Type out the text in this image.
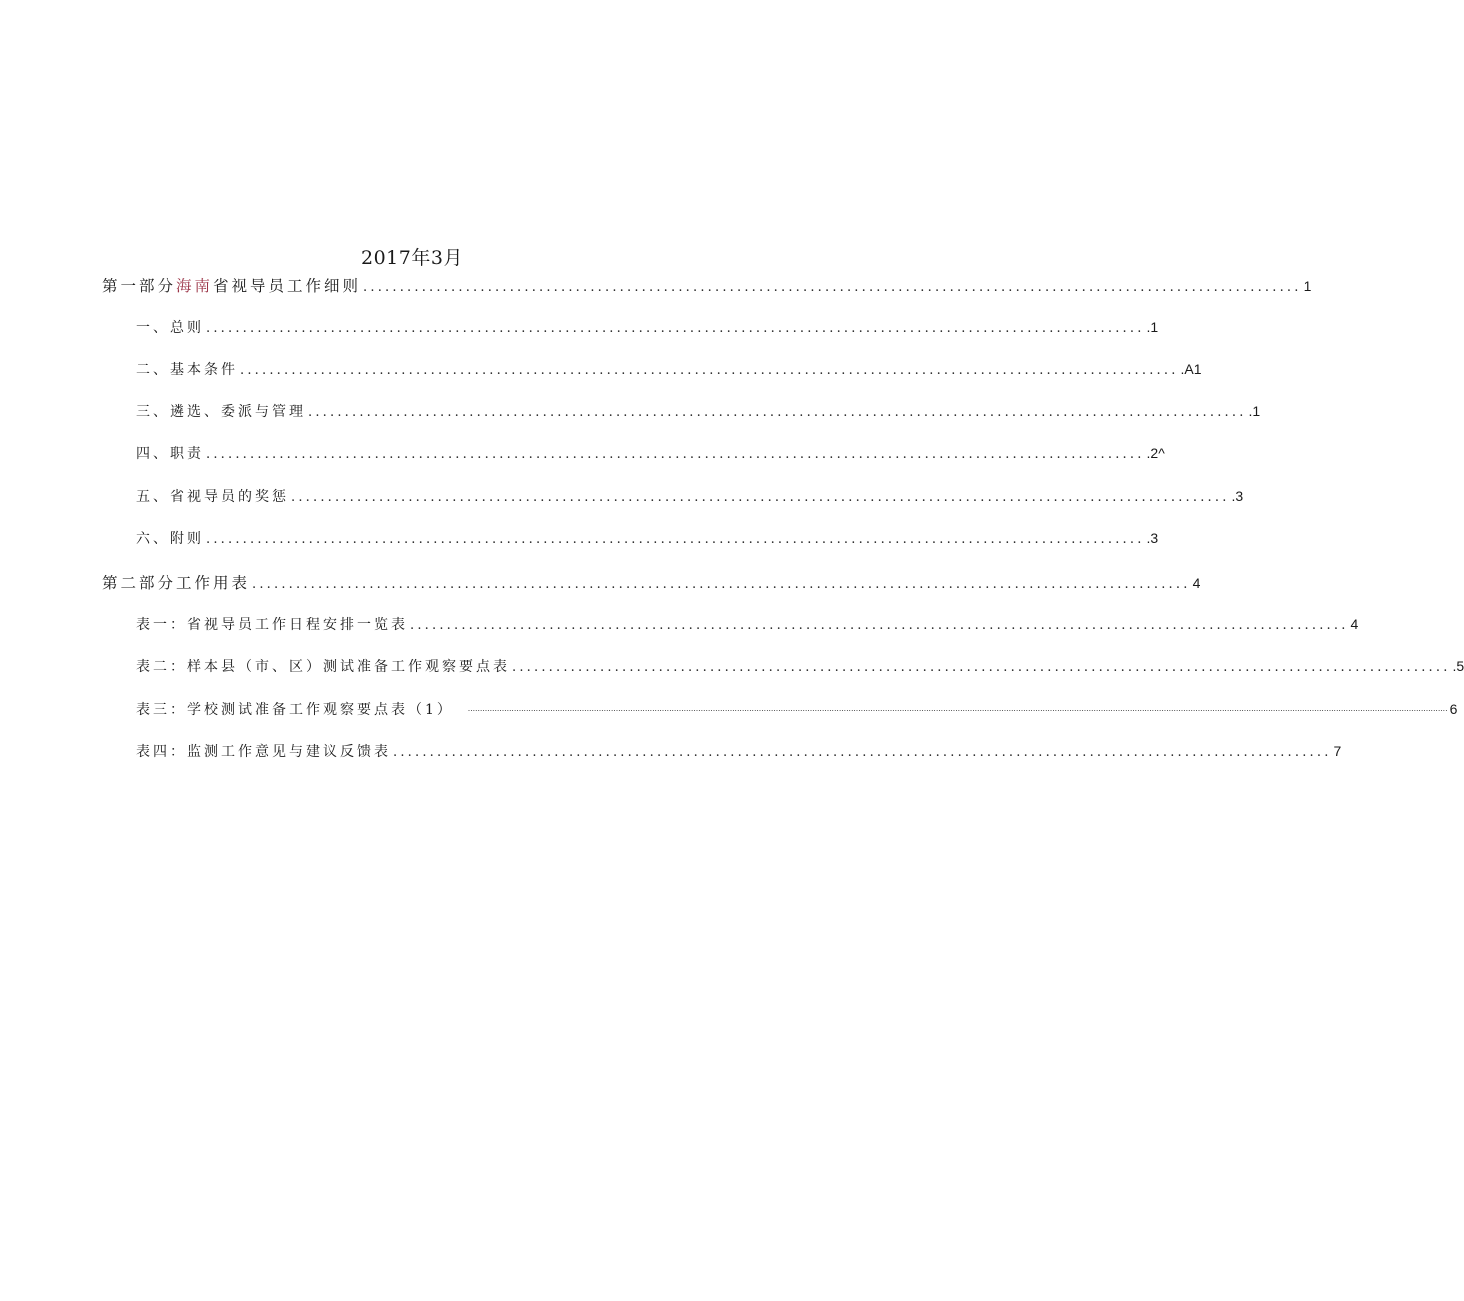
2017年3月
第一部分海南省视导员工作细则 ................................................................................................................................ 1
一、总则 ................................................................................................................................ .1
二、基本条件 ................................................................................................................................ .A1
三、遴选、委派与管理 ................................................................................................................................ .1
四、职责 ................................................................................................................................ .2^
五、省视导员的奖惩 ................................................................................................................................ .3
六、附则 ................................................................................................................................ .3
第二部分工作用表 ................................................................................................................................ 4
表一：省视导员工作日程安排一览表 ................................................................................................................................ 4
表二：样本县（市、区）测试准备工作观察要点表 ................................................................................................................................ .5
表三：学校测试准备工作观察要点表（1） .................................................................................................................................................................................................................................................................................................................................................................................................................... 6
表四：监测工作意见与建议反馈表 ................................................................................................................................ 7
